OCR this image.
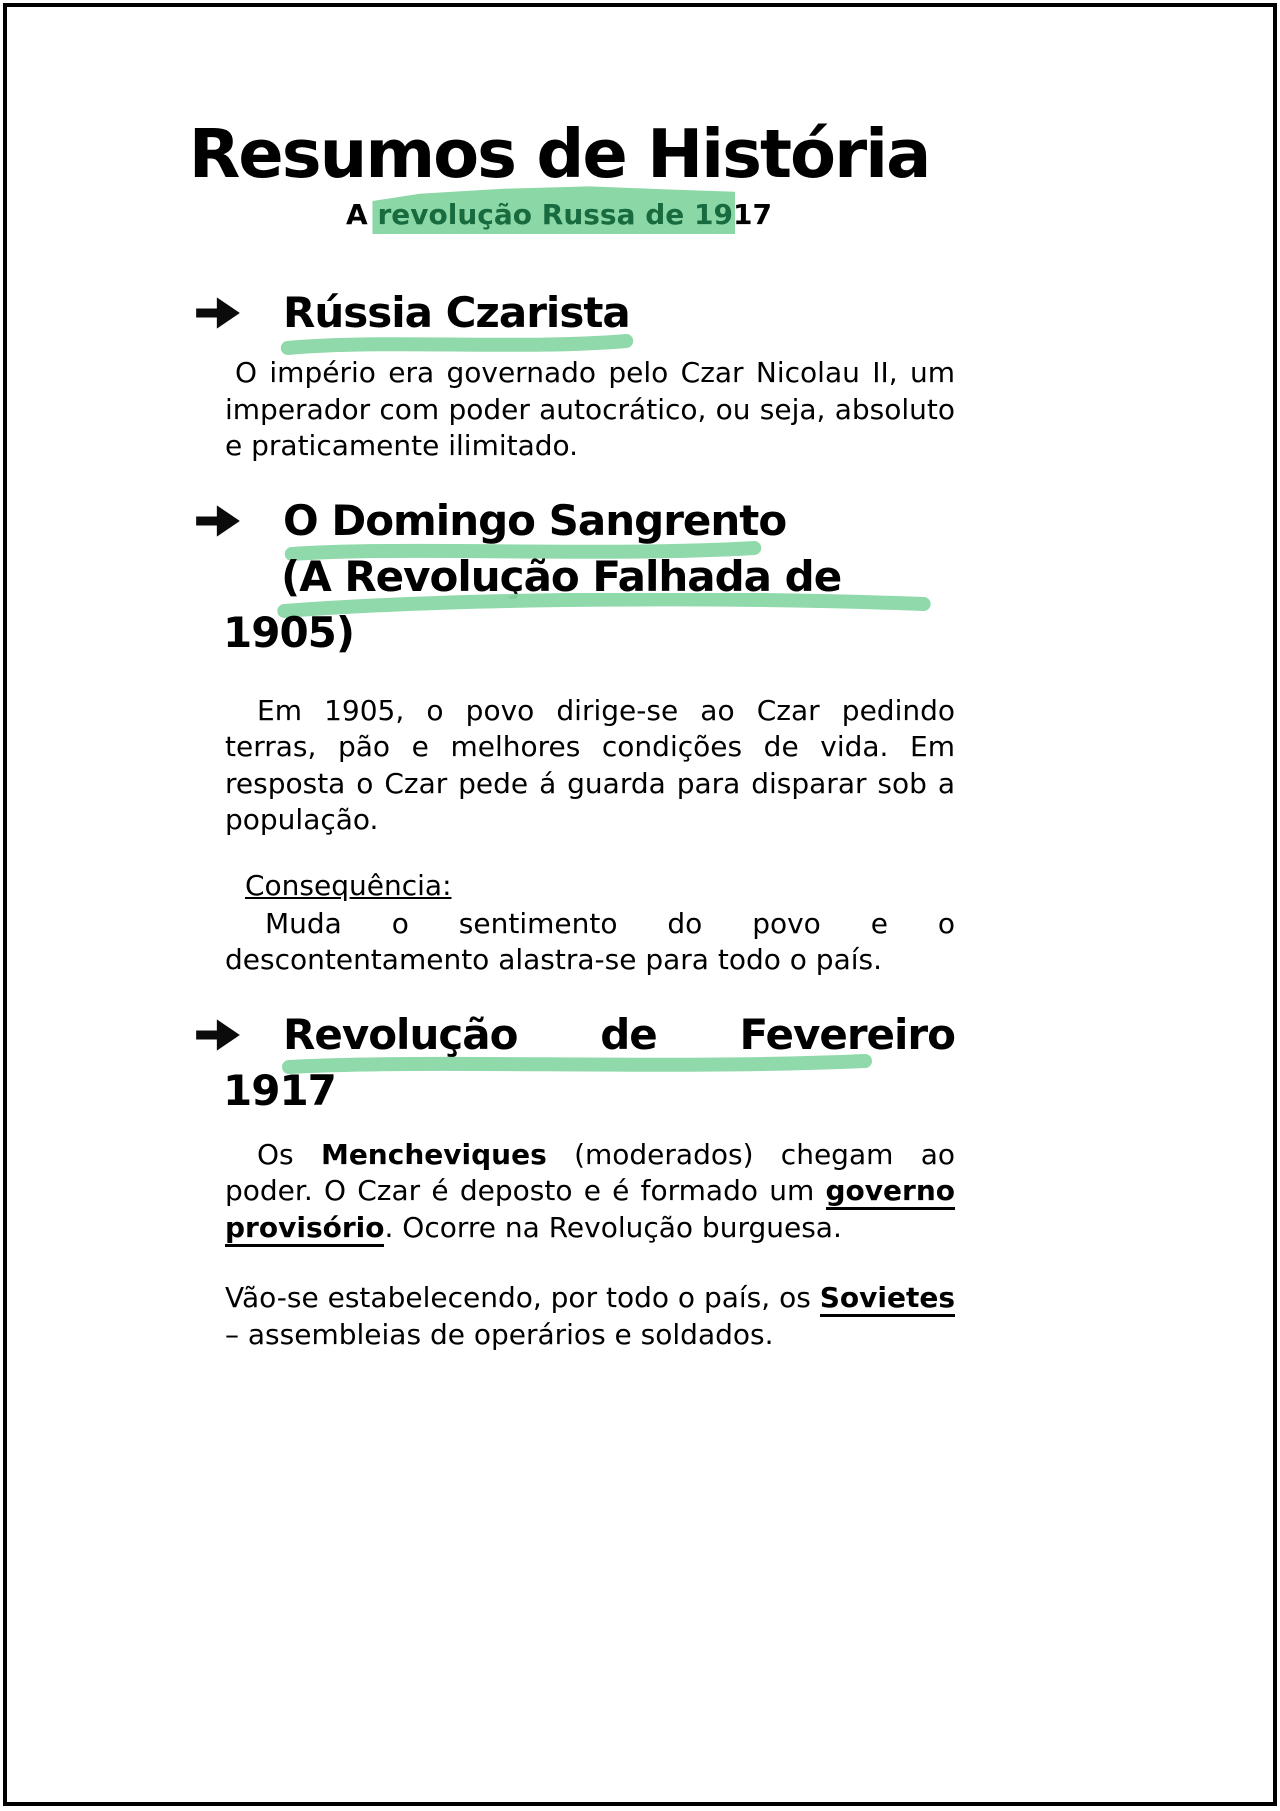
Resumos de História
A revolução Russa de 1917
Rússia Czarista

O império era governado pelo Czar Nicolau II, um imperador com poder autocrático, ou seja, absoluto e praticamente ilimitado.

O Domingo Sangrento
(A Revolução Falhada de
1905)

Em 1905, o povo dirige-se ao Czar pedindo terras, pão e melhores condições de vida. Em resposta o Czar pede á guarda para disparar sob a população.

Consequência:

Muda o sentimento do povo e o descontentamento alastra-se para todo o país.

Revolução de Fevereiro
1917

Os Mencheviques (moderados) chegam ao poder. O Czar é deposto e é formado um governo provisório. Ocorre na Revolução burguesa.

Vão-se estabelecendo, por todo o país, os Sovietes – assembleias de operários e soldados.
